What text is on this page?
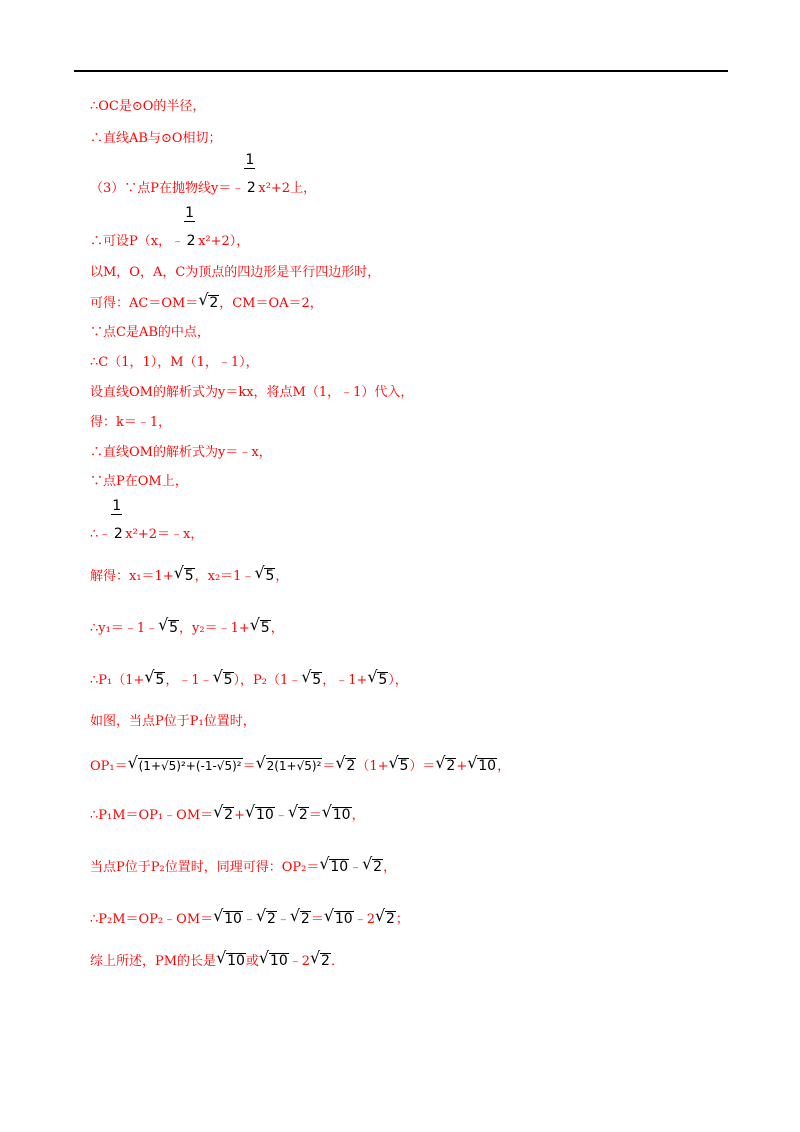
∴OC是⊙O的半径，
∴直线AB与⊙O相切；
（3）∵点P在抛物线y＝﹣ $\frac{1}{2}x^2+2$上，
∴可设P（x，﹣ $\frac{1}{2}x^2+2$），
以M，O，A，C为顶点的四边形是平行四边形时，
可得：AC＝OM＝ √ 2，CM＝OA＝2，
∵点C是AB的中点，
∴C（1，1），M（1，﹣1），
设直线OM的解析式为y＝kx，将点M（1，﹣1）代入，
得：k＝﹣1，
∴直线OM的解析式为y＝﹣x，
∵点P在OM上，
∴﹣ $\frac{1}{2}x^2+2=﹣x$，
解得：x₁＝1+ √ 5，x₂＝1﹣ √ 5，
∴y₁＝﹣1﹣ √ 5，y₂＝﹣1+ √ 5，
∴P₁（1+ √ 5，﹣1﹣ √ 5），P₂（1﹣ √ 5，﹣1+ √ 5），
如图，当点P位于P₁位置时，
OP₁＝ √ (1+√5)²+(-1-√5)²＝ √ 2(1+√5)²＝ √ 2（1+ √ 5）＝ √ 2+ √ 10，
∴P₁M＝OP₁﹣OM＝ √ 2+ √ 10﹣ √ 2＝ √ 10，
当点P位于P₂位置时，同理可得：OP₂＝ √ 10﹣ √ 2，
∴P₂M＝OP₂﹣OM＝ √ 10﹣ √ 2﹣ √ 2＝ √ 10﹣2 √ 2；
综上所述，PM的长是 √ 10或 √ 10﹣2 √ 2．
